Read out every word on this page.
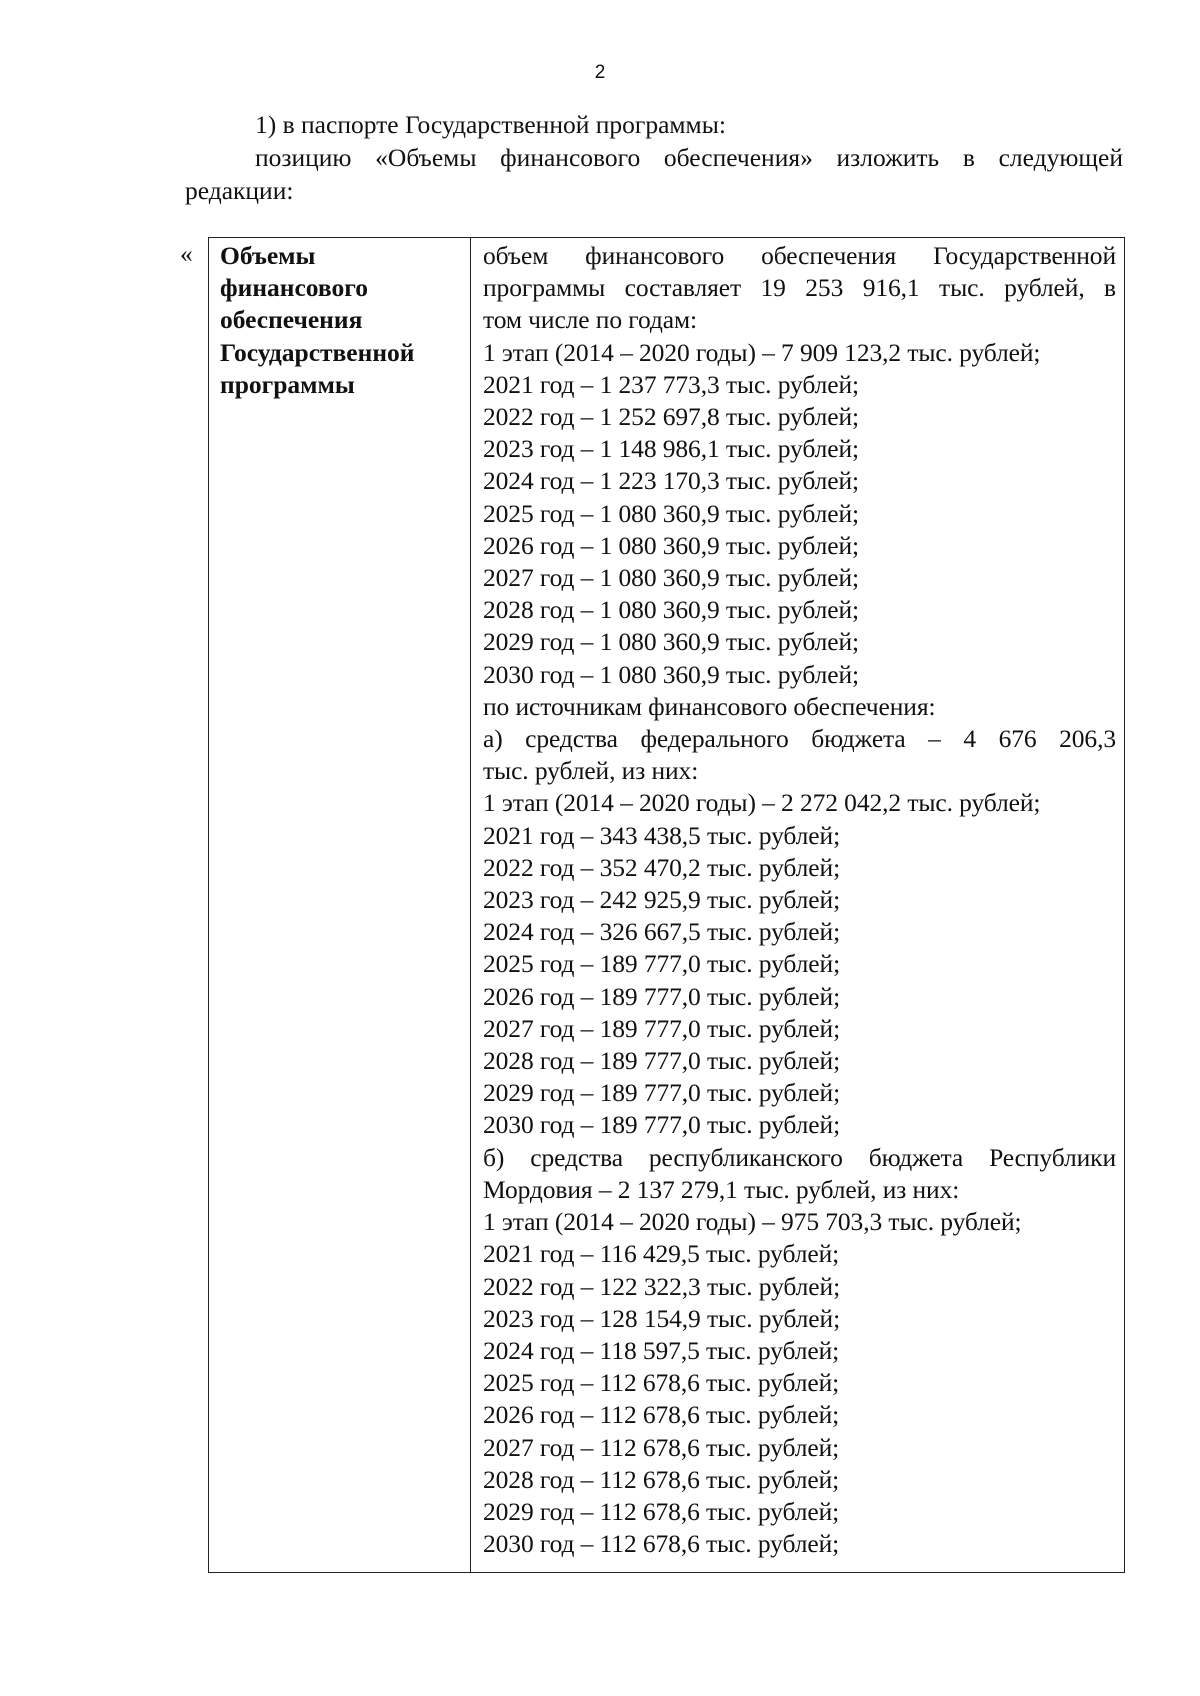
2
1) в паспорте Государственной программы:
позицию «Объемы финансового обеспечения» изложить в следующей редакции:
« Объемы
финансового
обеспечения
Государственной
программы
объем финансового обеспечения Государственной
программы составляет 19 253 916,1 тыс. рублей, в
том числе по годам:
1 этап (2014 – 2020 годы) – 7 909 123,2 тыс. рублей;
2021 год – 1 237 773,3 тыс. рублей;
2022 год – 1 252 697,8 тыс. рублей;
2023 год – 1 148 986,1 тыс. рублей;
2024 год – 1 223 170,3 тыс. рублей;
2025 год – 1 080 360,9 тыс. рублей;
2026 год – 1 080 360,9 тыс. рублей;
2027 год – 1 080 360,9 тыс. рублей;
2028 год – 1 080 360,9 тыс. рублей;
2029 год – 1 080 360,9 тыс. рублей;
2030 год – 1 080 360,9 тыс. рублей;
по источникам финансового обеспечения:
а) средства федерального бюджета – 4 676 206,3
тыс. рублей, из них:
1 этап (2014 – 2020 годы) – 2 272 042,2 тыс. рублей;
2021 год – 343 438,5 тыс. рублей;
2022 год – 352 470,2 тыс. рублей;
2023 год – 242 925,9 тыс. рублей;
2024 год – 326 667,5 тыс. рублей;
2025 год – 189 777,0 тыс. рублей;
2026 год – 189 777,0 тыс. рублей;
2027 год – 189 777,0 тыс. рублей;
2028 год – 189 777,0 тыс. рублей;
2029 год – 189 777,0 тыс. рублей;
2030 год – 189 777,0 тыс. рублей;
б) средства республиканского бюджета Республики
Мордовия – 2 137 279,1 тыс. рублей, из них:
1 этап (2014 – 2020 годы) – 975 703,3 тыс. рублей;
2021 год – 116 429,5 тыс. рублей;
2022 год – 122 322,3 тыс. рублей;
2023 год – 128 154,9 тыс. рублей;
2024 год – 118 597,5 тыс. рублей;
2025 год – 112 678,6 тыс. рублей;
2026 год – 112 678,6 тыс. рублей;
2027 год – 112 678,6 тыс. рублей;
2028 год – 112 678,6 тыс. рублей;
2029 год – 112 678,6 тыс. рублей;
2030 год – 112 678,6 тыс. рублей;
